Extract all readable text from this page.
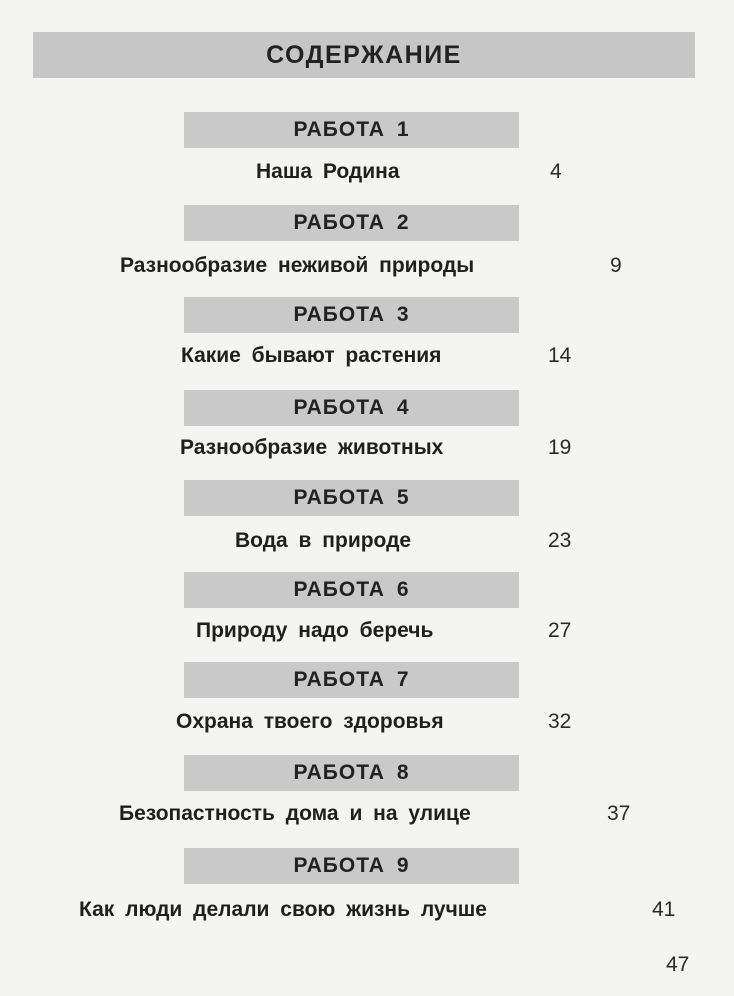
СОДЕРЖАНИЕ
РАБОТА 1
Наша Родина	4
РАБОТА 2
Разнообразие неживой природы	9
РАБОТА 3
Какие бывают растения	14
РАБОТА 4
Разнообразие животных	19
РАБОТА 5
Вода в природе	23
РАБОТА 6
Природу надо беречь	27
РАБОТА 7
Охрана твоего здоровья	32
РАБОТА 8
Безопастность дома и на улице	37
РАБОТА 9
Как люди делали свою жизнь лучше	41
47
